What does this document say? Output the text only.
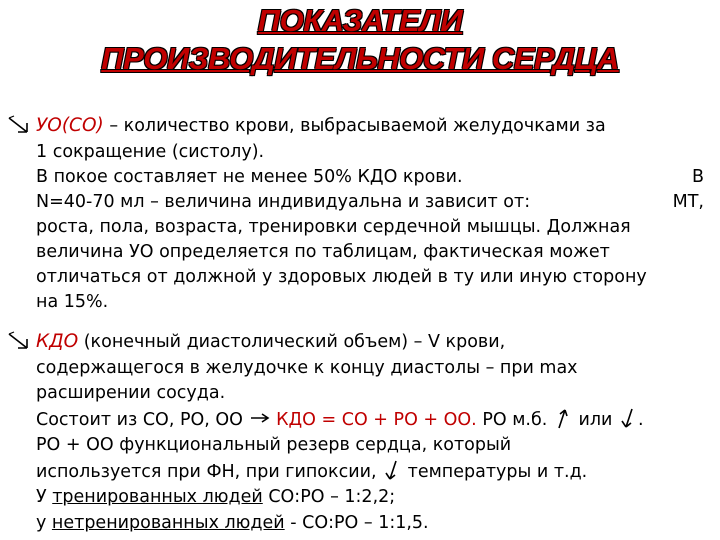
ПОКАЗАТЕЛИ
ПРОИЗВОДИТЕЛЬНОСТИ СЕРДЦА
УО(СО) – количество крови, выбрасываемой желудочками за
1 сокращение (систолу).
В покое составляет не менее 50% КДО крови.	В
N=40-70 мл – величина индивидуальна и зависит от:	МТ,
роста, пола, возраста, тренировки сердечной мышцы. Должная
величина УО определяется по таблицам, фактическая может
отличаться от должной у здоровых людей в ту или иную сторону
на 15%.
КДО (конечный диастолический объем) – V крови,
содержащегося в желудочке к концу диастолы – при max
расширении сосуда.
Состоит из СО, РО, ОО  КДО = СО + РО + ОО. РО м.б.  или .
РО + ОО функциональный резерв сердца, который
используется при ФН, при гипоксии,  температуры и т.д.
У тренированных людей СО:РО – 1:2,2;
у нетренированных людей - СО:РО – 1:1,5.
